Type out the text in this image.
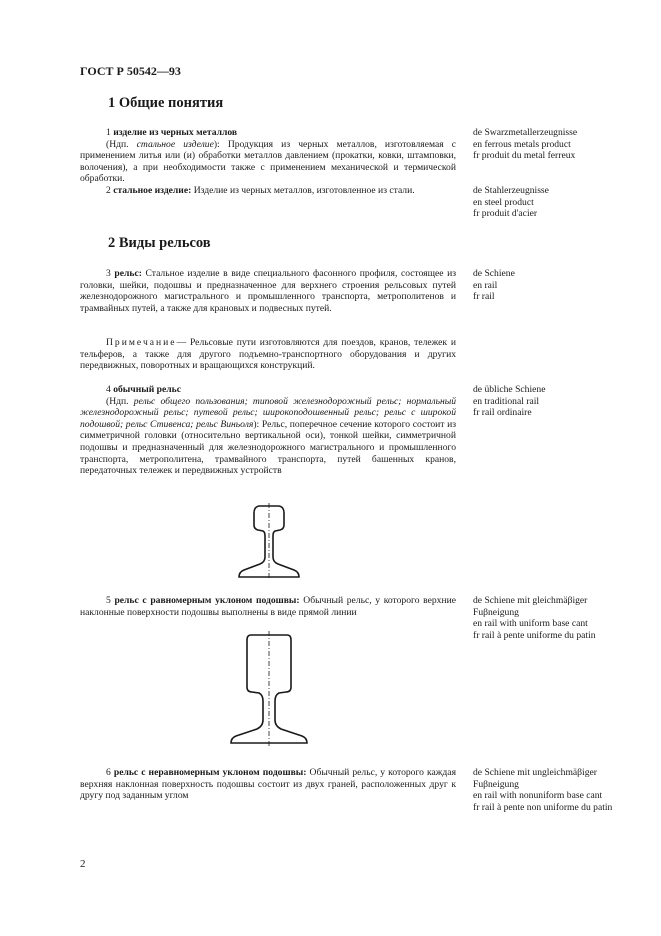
ГОСТ Р 50542—93
1 Общие понятия

1 изделие из черных металлов

(Ндп. стальное изделие): Продукция из черных металлов, изготовляемая с применением литья или (и) обработки металлов давлением (прокатки, ковки, штамповки, волочения), а при необходимости также с применением механической и термической обработки.

de Swarzmetallerzeugnisse
en ferrous metals product
fr produit du metal ferreux

2 стальное изделие: Изделие из черных металлов, изготовленное из стали.	de Stahlerzeugnisse
en steel product
fr produit d'acier
2 Виды рельсов

3 рельс: Стальное изделие в виде специального фасонного профиля, состоящее из головки, шейки, подошвы и предназначенное для верхнего строения рельсовых путей железнодорожного магистрального и промышленного транспорта, метрополитенов и трамвайных путей, а также для крановых и подвесных путей.

de Schiene
en rail
fr rail

Примечание— Рельсовые пути изготовляются для поездов, кранов, тележек и тельферов, а также для другого подъемно-транспортного оборудования и других передвижных, поворотных и вращающихся конструкций.

4 обычный рельс

(Ндп. рельс общего пользования; типовой железнодорожный рельс; нормальный железнодорожный рельс; путевой рельс; широкоподошвенный рельс; рельс с широкой подошвой; рельс Стивенса; рельс Виньоля): Рельс, поперечное сечение которого состоит из симметричной головки (относительно вертикальной оси), тонкой шейки, симметричной подошвы и предназначенный для железнодорожного магистрального и промышленного транспорта, метрополитена, трамвайного транспорта, путей башенных кранов, передаточных тележек и передвижных устройств

de übliche Schiene
en traditional rail
fr rail ordinaire

5 рельс с равномерным уклоном подошвы: Обычный рельс, у которого верхние наклонные поверхности подошвы выполнены в виде прямой линии

de Schiene mit gleichmäβiger Fuβneigung
en rail with uniform base cant
fr rail à pente uniforme du patin

6 рельс с неравномерным уклоном подошвы: Обычный рельс, у которого каждая верхняя наклонная поверхность подошвы состоит из двух граней, расположенных друг к другу под заданным углом

de Schiene mit ungleichmäβiger Fuβneigung
en rail with nonuniform base cant
fr rail à pente non uniforme du patin
2
